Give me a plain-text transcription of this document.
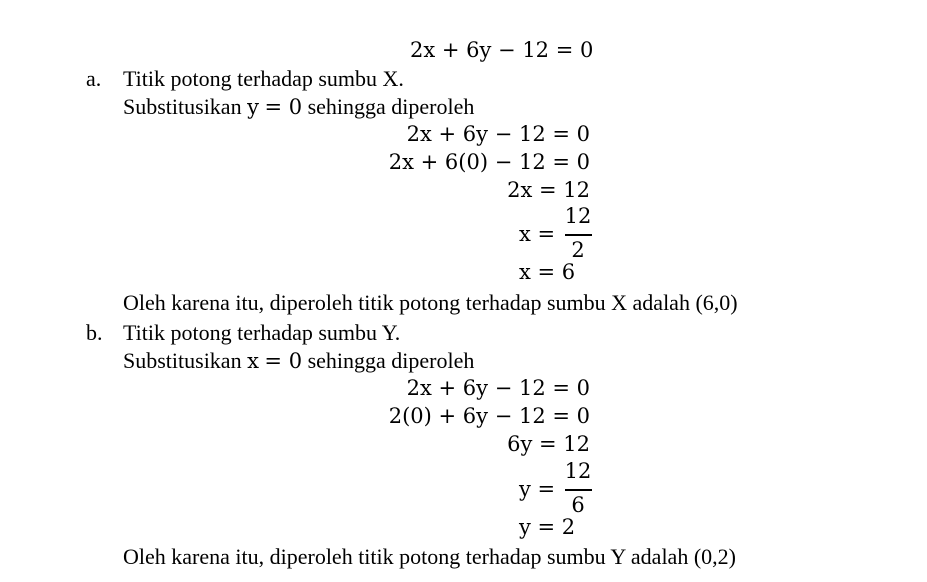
2x + 6y − 12 = 0
a. Titik potong terhadap sumbu X.
Substitusikan y = 0 sehingga diperoleh
2x + 6y − 12 = 0
2x + 6(0) − 12 = 0
2x = 12
x =
12
2
x = 6
Oleh karena itu, diperoleh titik potong terhadap sumbu X adalah (6,0)
b. Titik potong terhadap sumbu Y.
Substitusikan x = 0 sehingga diperoleh
2x + 6y − 12 = 0
2(0) + 6y − 12 = 0
6y = 12
y =
12
6
y = 2
Oleh karena itu, diperoleh titik potong terhadap sumbu Y adalah (0,2)
